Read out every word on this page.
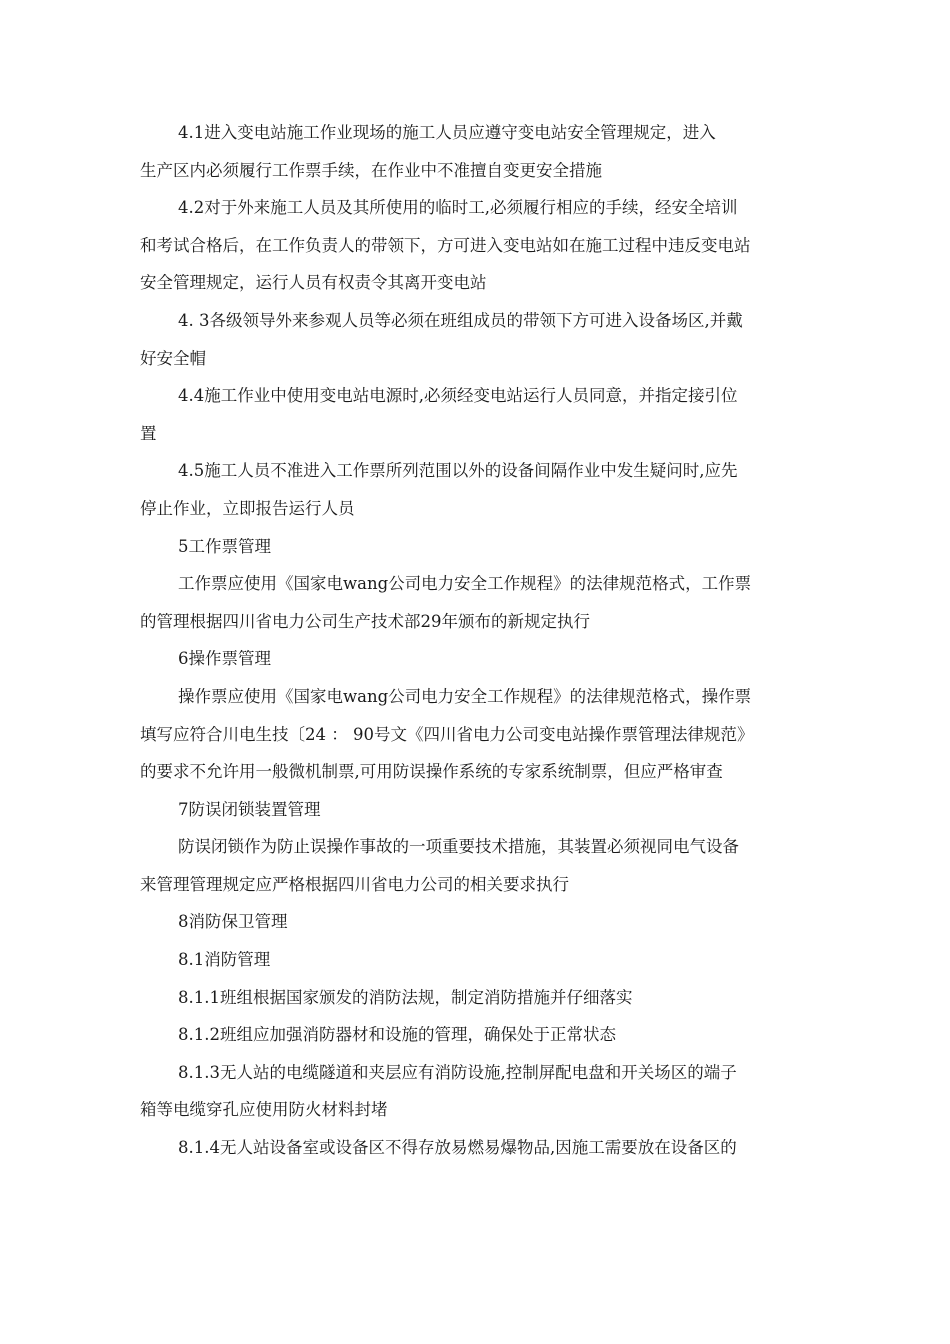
4.1进入变电站施工作业现场的施工人员应遵守变电站安全管理规定，进入
生产区内必须履行工作票手续，在作业中不准擅自变更安全措施
4.2对于外来施工人员及其所使用的临时工,必须履行相应的手续，经安全培训
和考试合格后，在工作负责人的带领下，方可进入变电站如在施工过程中违反变电站
安全管理规定，运行人员有权责令其离开变电站
4. 3各级领导外来参观人员等必须在班组成员的带领下方可进入设备场区,并戴
好安全帽
4.4施工作业中使用变电站电源时,必须经变电站运行人员同意，并指定接引位
置
4.5施工人员不准进入工作票所列范围以外的设备间隔作业中发生疑问时,应先
停止作业，立即报告运行人员
5工作票管理
工作票应使用《国家电wang公司电力安全工作规程》的法律规范格式，工作票
的管理根据四川省电力公司生产技术部29年颁布的新规定执行
6操作票管理
操作票应使用《国家电wang公司电力安全工作规程》的法律规范格式，操作票
填写应符合川电生技〔24 ： 90号文《四川省电力公司变电站操作票管理法律规范》
的要求不允许用一般微机制票,可用防误操作系统的专家系统制票，但应严格审查
7防误闭锁装置管理
防误闭锁作为防止误操作事故的一项重要技术措施，其装置必须视同电气设备
来管理管理规定应严格根据四川省电力公司的相关要求执行
8消防保卫管理
8.1消防管理
8.1.1班组根据国家颁发的消防法规，制定消防措施并仔细落实
8.1.2班组应加强消防器材和设施的管理，确保处于正常状态
8.1.3无人站的电缆隧道和夹层应有消防设施,控制屏配电盘和开关场区的端子
箱等电缆穿孔应使用防火材料封堵
8.1.4无人站设备室或设备区不得存放易燃易爆物品,因施工需要放在设备区的
